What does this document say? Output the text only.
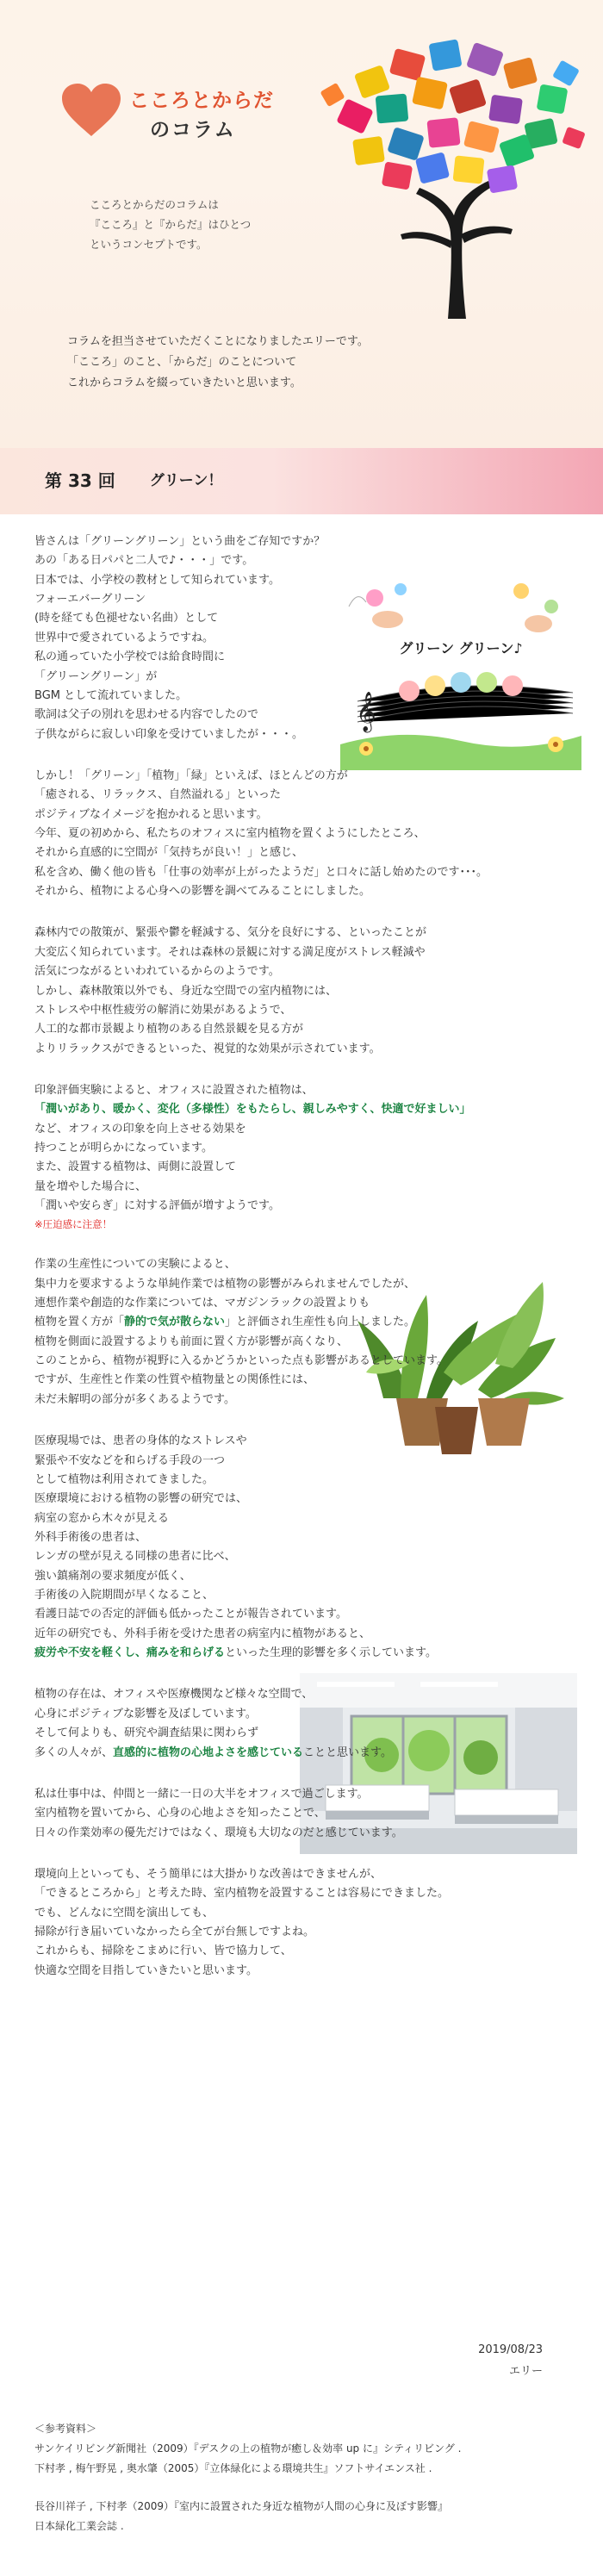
こころとからだ
のコラム
こころとからだのコラムは
『こころ』と『からだ』はひとつ
というコンセプトです。
コラムを担当させていただくことになりましたエリーです。
「こころ」のこと、「からだ」のことについて
これからコラムを綴っていきたいと思います。
第 33 回 グリーン！
グリーン グリーン♪
𝄞

皆さんは「グリーングリーン」という曲をご存知ですか？
あの「ある日パパと二人で♪・・・」です。
日本では、小学校の教材として知られています。
フォーエバーグリーン
(時を経ても色褪せない名曲）として
世界中で愛されているようですね。
私の通っていた小学校では給食時間に
「グリーングリーン」が
BGM として流れていました。
歌詞は父子の別れを思わせる内容でしたので
子供ながらに寂しい印象を受けていましたが・・・。

しかし！「グリーン」「植物」「緑」といえば、ほとんどの方が
「癒される、リラックス、自然溢れる」といった
ポジティブなイメージを抱かれると思います。
今年、夏の初めから、私たちのオフィスに室内植物を置くようにしたところ、
それから直感的に空間が「気持ちが良い！」と感じ、
私を含め、働く他の皆も「仕事の効率が上がったようだ」と口々に話し始めたのです･･･。
それから、植物による心身への影響を調べてみることにしました。

森林内での散策が、緊張や鬱を軽減する、気分を良好にする、といったことが
大変広く知られています。それは森林の景観に対する満足度がストレス軽減や
活気につながるといわれているからのようです。
しかし、森林散策以外でも、身近な空間での室内植物には、
ストレスや中枢性疲労の解消に効果があるようで、
人工的な都市景観より植物のある自然景観を見る方が
よりリラックスができるといった、視覚的な効果が示されています。

印象評価実験によると、オフィスに設置された植物は、
「潤いがあり、暖かく、変化（多様性）をもたらし、親しみやすく、快適で好ましい」
など、オフィスの印象を向上させる効果を
持つことが明らかになっています。
また、設置する植物は、両側に設置して
量を増やした場合に、
「潤いや安らぎ」に対する評価が増すようです。
※圧迫感に注意！

作業の生産性についての実験によると、
集中力を要求するような単純作業では植物の影響がみられませんでしたが、
連想作業や創造的な作業については、マガジンラックの設置よりも
植物を置く方が「静的で気が散らない」と評価され生産性も向上しました。
植物を側面に設置するよりも前面に置く方が影響が高くなり、
このことから、植物が視野に入るかどうかといった点も影響があるとしています。
ですが、生産性と作業の性質や植物量との関係性には、
未だ未解明の部分が多くあるようです。

医療現場では、患者の身体的なストレスや
緊張や不安などを和らげる手段の一つ
として植物は利用されてきました。
医療環境における植物の影響の研究では、
病室の窓から木々が見える
外科手術後の患者は、
レンガの壁が見える同様の患者に比べ、
強い鎮痛剤の要求頻度が低く、
手術後の入院期間が早くなること、
看護日誌での否定的評価も低かったことが報告されています。
近年の研究でも、外科手術を受けた患者の病室内に植物があると、
疲労や不安を軽くし、痛みを和らげるといった生理的影響を多く示しています。

植物の存在は、オフィスや医療機関など様々な空間で、
心身にポジティブな影響を及ぼしています。
そして何よりも、研究や調査結果に関わらず
多くの人々が、直感的に植物の心地よさを感じていることと思います。

私は仕事中は、仲間と一緒に一日の大半をオフィスで過ごします。
室内植物を置いてから、心身の心地よさを知ったことで、
日々の作業効率の優先だけではなく、環境も大切なのだと感じています。

環境向上といっても、そう簡単には大掛かりな改善はできませんが、
「できるところから」と考えた時、室内植物を設置することは容易にできました。
でも、どんなに空間を演出しても、
掃除が行き届いていなかったら全てが台無しですよね。
これからも、掃除をこまめに行い、皆で協力して、
快適な空間を目指していきたいと思います。

2019/08/23
エリー
＜参考資料＞
サンケイリビング新聞社（2009）『デスクの上の植物が癒し＆効率 up に』シティリビング .
下村孝 , 梅午野晃 , 奥水肇（2005）『立体緑化による環境共生』ソフトサイエンス社 .
長谷川祥子 , 下村孝（2009）『室内に設置された身近な植物が人間の心身に及ぼす影響』
日本緑化工業会誌 .
